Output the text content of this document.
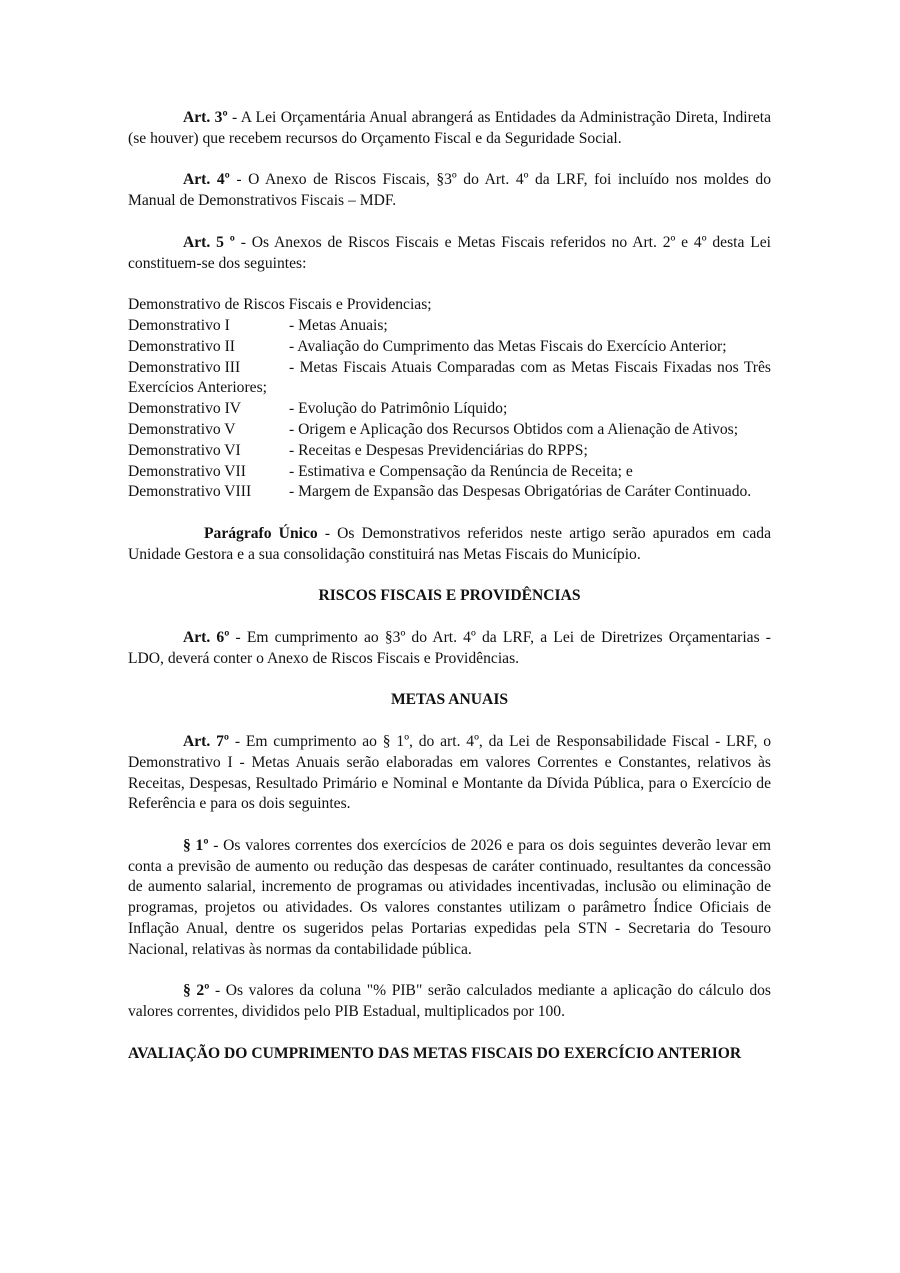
Art. 3º - A Lei Orçamentária Anual abrangerá as Entidades da Administração Direta, Indireta (se houver) que recebem recursos do Orçamento Fiscal e da Seguridade Social.

Art. 4º - O Anexo de Riscos Fiscais, §3º do Art. 4º da LRF, foi incluído nos moldes do Manual de Demonstrativos Fiscais – MDF.

Art. 5 º - Os Anexos de Riscos Fiscais e Metas Fiscais referidos no Art. 2º e 4º desta Lei constituem-se dos seguintes:

Demonstrativo de Riscos Fiscais e Providencias;

Demonstrativo I	- Metas Anuais;

Demonstrativo II	- Avaliação do Cumprimento das Metas Fiscais do Exercício Anterior;

Demonstrativo III	- Metas Fiscais Atuais Comparadas com as Metas Fiscais Fixadas nos Três Exercícios Anteriores;

Demonstrativo IV	- Evolução do Patrimônio Líquido;

Demonstrativo V	- Origem e Aplicação dos Recursos Obtidos com a Alienação de Ativos;

Demonstrativo VI	- Receitas e Despesas Previdenciárias do RPPS;

Demonstrativo VII	- Estimativa e Compensação da Renúncia de Receita; e

Demonstrativo VIII - Margem de Expansão das Despesas Obrigatórias de Caráter Continuado.

Parágrafo Único - Os Demonstrativos referidos neste artigo serão apurados em cada Unidade Gestora e a sua consolidação constituirá nas Metas Fiscais do Município.

RISCOS FISCAIS E PROVIDÊNCIAS

Art. 6º - Em cumprimento ao §3º do Art. 4º da LRF, a Lei de Diretrizes Orçamentarias - LDO, deverá conter o Anexo de Riscos Fiscais e Providências.

METAS ANUAIS

Art. 7º - Em cumprimento ao § 1º, do art. 4º, da Lei de Responsabilidade Fiscal - LRF, o Demonstrativo I - Metas Anuais serão elaboradas em valores Correntes e Constantes, relativos às Receitas, Despesas, Resultado Primário e Nominal e Montante da Dívida Pública, para o Exercício de Referência e para os dois seguintes.

§ 1º - Os valores correntes dos exercícios de 2026 e para os dois seguintes deverão levar em conta a previsão de aumento ou redução das despesas de caráter continuado, resultantes da concessão de aumento salarial, incremento de programas ou atividades incentivadas, inclusão ou eliminação de programas, projetos ou atividades. Os valores constantes utilizam o parâmetro Índice Oficiais de Inflação Anual, dentre os sugeridos pelas Portarias expedidas pela STN - Secretaria do Tesouro Nacional, relativas às normas da contabilidade pública.

§ 2º - Os valores da coluna "% PIB" serão calculados mediante a aplicação do cálculo dos valores correntes, divididos pelo PIB Estadual, multiplicados por 100.

AVALIAÇÃO DO CUMPRIMENTO DAS METAS FISCAIS DO EXERCÍCIO ANTERIOR
